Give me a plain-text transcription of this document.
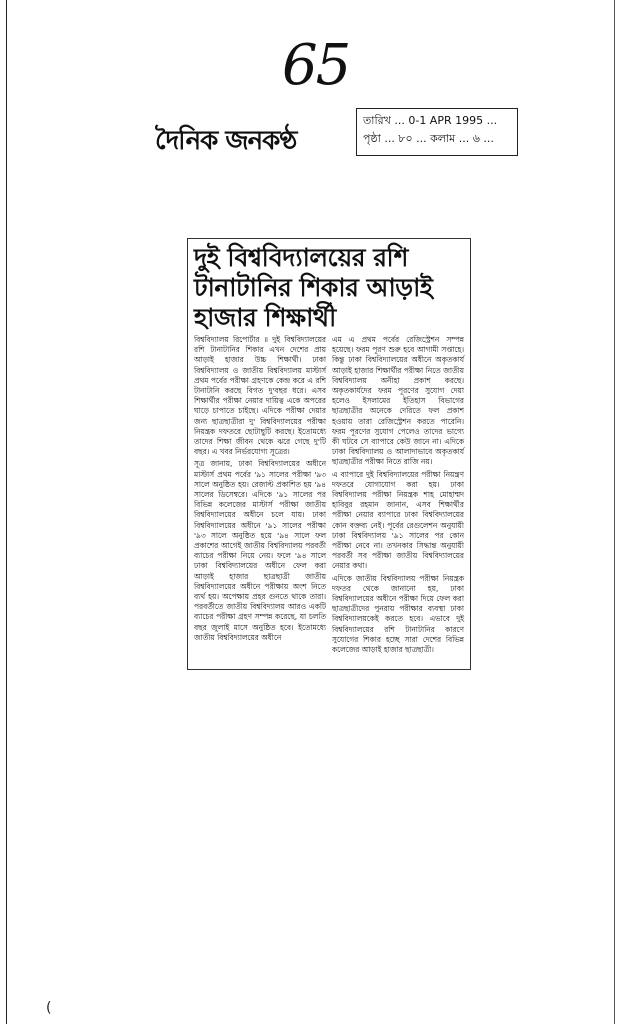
65
দৈনিক জনকণ্ঠ
তারিখ ... 0-1 APR 1995 ...
পৃষ্ঠা ... ৮০ ... কলাম ... ৬ ...
দুই বিশ্ববিদ্যালয়ের রশি টানাটানির শিকার আড়াই হাজার শিক্ষার্থী

বিশ্ববিদ্যালয় রিপোর্টার ॥ দুই বিশ্ববিদ্যালয়ের রশি টানাটানির শিকার এখন দেশের প্রায় আড়াই হাজার উচ্চ শিক্ষার্থী। ঢাকা বিশ্ববিদ্যালয় ও জাতীয় বিশ্ববিদ্যালয় মাস্টার্স প্রথম পর্বের পরীক্ষা গ্রহণকে কেন্দ্র করে এ রশি টানাটানি করছে বিগত দু'বছর ধরে। এসব শিক্ষার্থীর পরীক্ষা নেয়ার দায়িত্ব একে অপরের ঘাড়ে চাপাতে চাইছে। এদিকে পরীক্ষা দেয়ার জন্য ছাত্রছাত্রীরা দু' বিশ্ববিদ্যালয়ের পরীক্ষা নিয়ন্ত্রক দফতরে ছোটাছুটি করছে। ইতোমধ্যে তাদের শিক্ষা জীবন থেকে ঝরে গেছে দু'টি বছর। এ খবর নির্ভরযোগ্য সূত্রের।

সূত্র জানায়, ঢাকা বিশ্ববিদ্যালয়ের অধীনে মাস্টার্স প্রথম পর্বের '৯১ সালের পরীক্ষা '৯৩ সালে অনুষ্ঠিত হয়। রেজাল্ট প্রকাশিত হয় '৯৪ সালের ডিসেম্বরে। এদিকে '৯১ সালের পর বিভিন্ন কলেজের মাস্টার্স পরীক্ষা জাতীয় বিশ্ববিদ্যালয়ের অধীনে চলে যায়। ঢাকা বিশ্ববিদ্যালয়ের অধীনে '৯১ সালের পরীক্ষা '৯৩ সালে অনুষ্ঠিত হয়ে '৯৪ সালে ফল প্রকাশের আগেই জাতীয় বিশ্ববিদ্যালয় পরবর্তী ব্যাচের পরীক্ষা নিয়ে নেয়। ফলে '৯৪ সালে ঢাকা বিশ্ববিদ্যালয়ের অধীনে ফেল করা আড়াই হাজার ছাত্রছাত্রী জাতীয় বিশ্ববিদ্যালয়ের অধীনে পরীক্ষায় অংশ নিতে ব্যর্থ হয়। অপেক্ষায় প্রহর গুনতে থাকে তারা। পরবর্তীতে জাতীয় বিশ্ববিদ্যালয় আরও একটি ব্যাচের পরীক্ষা গ্রহণ সম্পন্ন করেছে, যা চলতি বছর জুলাই মাসে অনুষ্ঠিত হবে। ইতোমধ্যে জাতীয় বিশ্ববিদ্যালয়ের অধীনে

এম এ প্রথম পর্বের রেজিস্ট্রেশন সম্পন্ন হয়েছে। ফরম পূরণ শুরু হবে আগামী সপ্তাহে। কিন্তু ঢাকা বিশ্ববিদ্যালয়ের অধীনে অকৃতকার্য আড়াই হাজার শিক্ষার্থীর পরীক্ষা নিতে জাতীয় বিশ্ববিদ্যালয় অনীহা প্রকাশ করছে। অকৃতকার্যদের ফরম পূরণের সুযোগ দেয়া হলেও ইসলামের ইতিহাস বিভাগের ছাত্রছাত্রীর অনেকে দেরিতে ফল প্রকাশ হওয়ায় তারা রেজিস্ট্রেশন করতে পারেনি। ফরম পূরণের সুযোগ পেলেও তাদের ভাগ্যে কী ঘটবে সে ব্যাপারে কেউ জানে না। এদিকে ঢাকা বিশ্ববিদ্যালয় ও আলাদাভাবে অকৃতকার্য ছাত্রছাত্রীর পরীক্ষা নিতে রাজি নয়।

এ ব্যাপারে দুই বিশ্ববিদ্যালয়ের পরীক্ষা নিয়ন্ত্রণ দফতরে যোগাযোগ করা হয়। ঢাকা বিশ্ববিদ্যালয় পরীক্ষা নিয়ন্ত্রক শাহ মোহাম্মদ হাবিবুর রহমান জানান, এসব শিক্ষার্থীর পরীক্ষা নেয়ার ব্যাপারে ঢাকা বিশ্ববিদ্যালয়ের কোন বক্তব্য নেই। পূর্বের রেগুলেশন অনুযায়ী ঢাকা বিশ্ববিদ্যালয় '৯১ সালের পর কোন পরীক্ষা নেবে না। তখনকার সিদ্ধান্ত অনুযায়ী পরবর্তী সব পরীক্ষা জাতীয় বিশ্ববিদ্যালয়ের নেয়ার কথা।

এদিকে জাতীয় বিশ্ববিদ্যালয় পরীক্ষা নিয়ন্ত্রক দফতর থেকে জানানো হয়, ঢাকা বিশ্ববিদ্যালয়ের অধীনে পরীক্ষা দিয়ে ফেল করা ছাত্রছাত্রীদের পুনরায় পরীক্ষার ব্যবস্থা ঢাকা বিশ্ববিদ্যালয়কেই করতে হবে। এভাবে দুই বিশ্ববিদ্যালয়ের রশি টানাটানির কারণে সুযোগের শিকার হচ্ছে সারা দেশের বিভিন্ন কলেজের আড়াই হাজার ছাত্রছাত্রী।

(
